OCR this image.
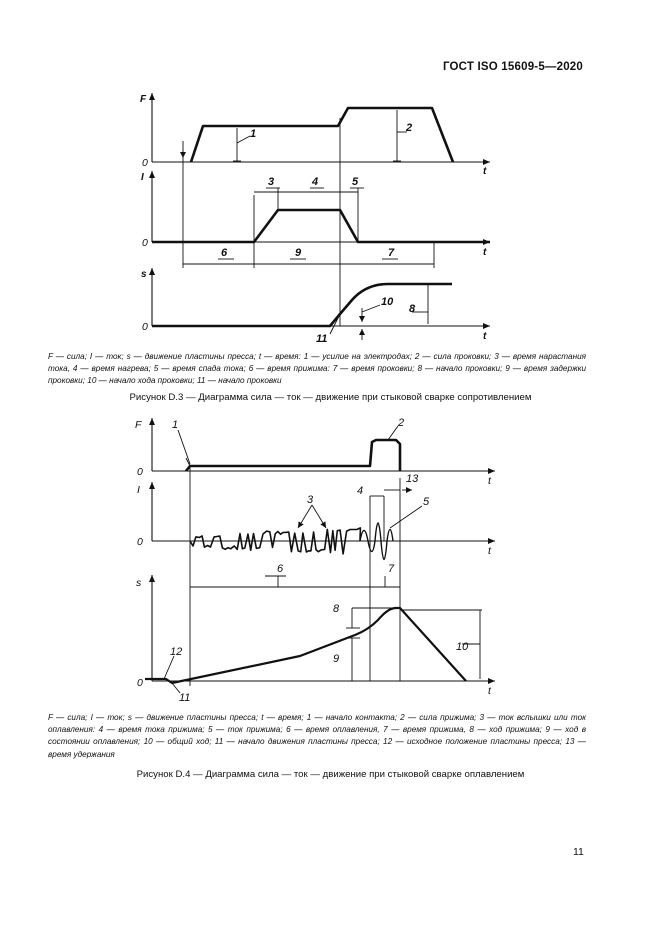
ГОСТ ISO 15609-5—2020
F
0
t
I
0
t
s
0
t
1	2
3	4	5
6	9	7
10
8
11
F — сила; I — ток; s — движение пластины пресса; t — время: 1 — усилие на электродах; 2 — сила проковки; 3 — время нарастания тока, 4 — время нагрева; 5 — время спада тока; 6 — время прижима: 7 — время проковки; 8 — начало проковки; 9 — время задержки проковки; 10 — начало хода проковки; 11 — начало проковки
Рисунок D.3 — Диаграмма сила — ток — движение при стыковой сварке сопротивлением
F
0
t
I
0
t
s
0
t
1	2
13
4
3	5
6	7
8
9
10
12
11
F — сила; I — ток; s — движение пластины пресса; t — время; 1 — начало контакта; 2 — сила прижима; 3 — ток вспышки или ток оплавления: 4 — время тока прижима; 5 — ток прижима; 6 — время оплавления, 7 — время прижима, 8 — ход прижима; 9 — ход в состоянии оплавления; 10 — общий ход; 11 — начало движения пластины пресса; 12 — исходное положение пластины пресса; 13 — время удержания
Рисунок D.4 — Диаграмма сила — ток — движение при стыковой сварке оплавлением
11
